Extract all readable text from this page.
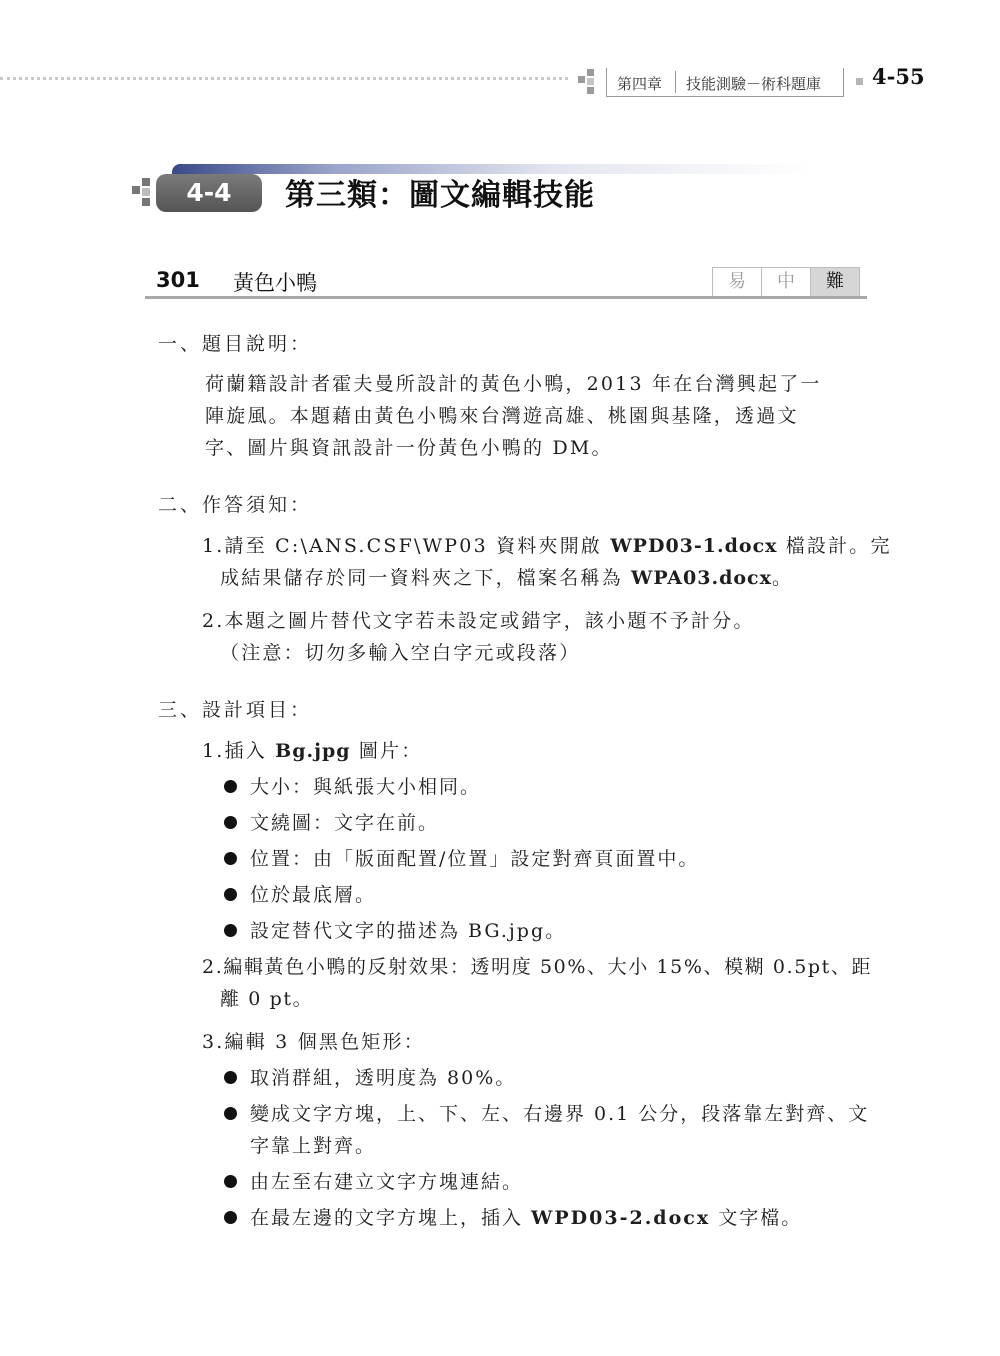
第四章 技能測驗－術科題庫 4-55
4-4	第三類：圖文編輯技能
301 黃色小鴨	易	中	難
一、題目說明：
荷蘭籍設計者霍夫曼所設計的黃色小鴨，2013 年在台灣興起了一
陣旋風。本題藉由黃色小鴨來台灣遊高雄、桃園與基隆，透過文
字、圖片與資訊設計一份黃色小鴨的 DM。
二、作答須知：
1.請至 C:\ANS.CSF\WP03 資料夾開啟 WPD03-1.docx 檔設計。完
成結果儲存於同一資料夾之下，檔案名稱為 WPA03.docx。
2.本題之圖片替代文字若未設定或錯字，該小題不予計分。
（注意：切勿多輸入空白字元或段落）
三、設計項目：
1.插入 Bg.jpg 圖片：
大小：與紙張大小相同。
文繞圖：文字在前。
位置：由「版面配置/位置」設定對齊頁面置中。
位於最底層。
設定替代文字的描述為 BG.jpg。
2.編輯黃色小鴨的反射效果：透明度 50%、大小 15%、模糊 0.5pt、距
離 0 pt。
3.編輯 3 個黑色矩形：
取消群組，透明度為 80%。
變成文字方塊，上、下、左、右邊界 0.1 公分，段落靠左對齊、文
字靠上對齊。
由左至右建立文字方塊連結。
在最左邊的文字方塊上，插入 WPD03-2.docx 文字檔。
